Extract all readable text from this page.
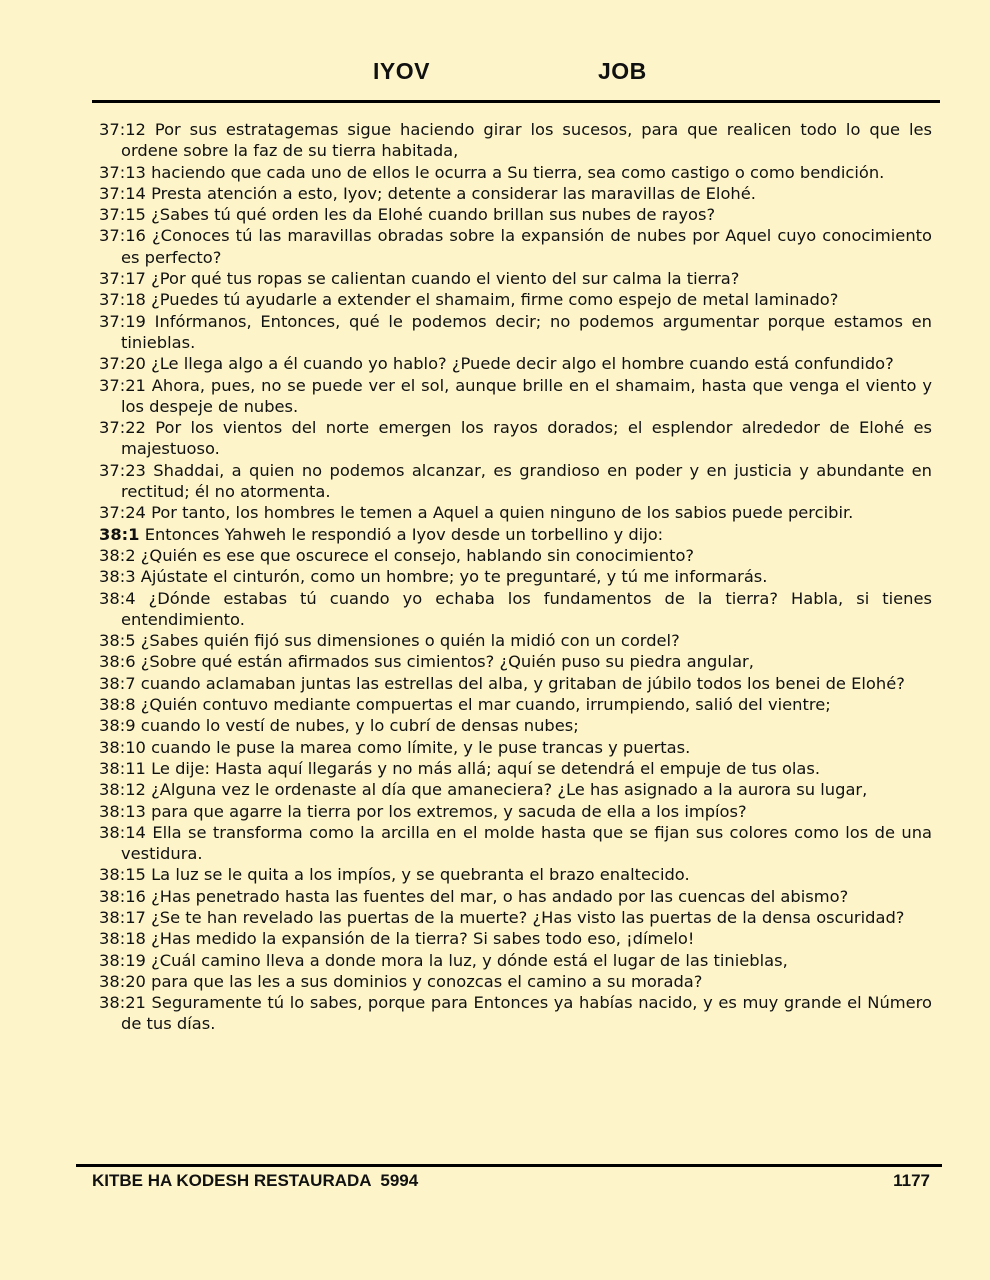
IYOV	JOB

37:12 Por sus estratagemas sigue haciendo girar los sucesos, para que realicen todo lo que les ordene sobre la faz de su tierra habitada,

37:13 haciendo que cada uno de ellos le ocurra a Su tierra, sea como castigo o como bendición.

37:14 Presta atención a esto, Iyov; detente a considerar las maravillas de Elohé.

37:15 ¿Sabes tú qué orden les da Elohé cuando brillan sus nubes de rayos?

37:16 ¿Conoces tú las maravillas obradas sobre la expansión de nubes por Aquel cuyo conocimiento es perfecto?

37:17 ¿Por qué tus ropas se calientan cuando el viento del sur calma la tierra?

37:18 ¿Puedes tú ayudarle a extender el shamaim, firme como espejo de metal laminado?

37:19 Infórmanos, Entonces, qué le podemos decir; no podemos argumentar porque estamos en tinieblas.

37:20 ¿Le llega algo a él cuando yo hablo? ¿Puede decir algo el hombre cuando está confundido?

37:21 Ahora, pues, no se puede ver el sol, aunque brille en el shamaim, hasta que venga el viento y los despeje de nubes.

37:22 Por los vientos del norte emergen los rayos dorados; el esplendor alrededor de Elohé es majestuoso.

37:23 Shaddai, a quien no podemos alcanzar, es grandioso en poder y en justicia y abundante en rectitud; él no atormenta.

37:24 Por tanto, los hombres le temen a Aquel a quien ninguno de los sabios puede percibir.

38:1 Entonces Yahweh le respondió a Iyov desde un torbellino y dijo:

38:2 ¿Quién es ese que oscurece el consejo, hablando sin conocimiento?

38:3 Ajústate el cinturón, como un hombre; yo te preguntaré, y tú me informarás.

38:4 ¿Dónde estabas tú cuando yo echaba los fundamentos de la tierra? Habla, si tienes entendimiento.

38:5 ¿Sabes quién fijó sus dimensiones o quién la midió con un cordel?

38:6 ¿Sobre qué están afirmados sus cimientos? ¿Quién puso su piedra angular,

38:7 cuando aclamaban juntas las estrellas del alba, y gritaban de júbilo todos los benei de Elohé?

38:8 ¿Quién contuvo mediante compuertas el mar cuando, irrumpiendo, salió del vientre;

38:9 cuando lo vestí de nubes, y lo cubrí de densas nubes;

38:10 cuando le puse la marea como límite, y le puse trancas y puertas.

38:11 Le dije: Hasta aquí llegarás y no más allá; aquí se detendrá el empuje de tus olas.

38:12 ¿Alguna vez le ordenaste al día que amaneciera? ¿Le has asignado a la aurora su lugar,

38:13 para que agarre la tierra por los extremos, y sacuda de ella a los impíos?

38:14 Ella se transforma como la arcilla en el molde hasta que se fijan sus colores como los de una vestidura.

38:15 La luz se le quita a los impíos, y se quebranta el brazo enaltecido.

38:16 ¿Has penetrado hasta las fuentes del mar, o has andado por las cuencas del abismo?

38:17 ¿Se te han revelado las puertas de la muerte? ¿Has visto las puertas de la densa oscuridad?

38:18 ¿Has medido la expansión de la tierra? Si sabes todo eso, ¡dímelo!

38:19 ¿Cuál camino lleva a donde mora la luz, y dónde está el lugar de las tinieblas,

38:20 para que las les a sus dominios y conozcas el camino a su morada?

38:21 Seguramente tú lo sabes, porque para Entonces ya habías nacido, y es muy grande el Número de tus días.

KITBE HA KODESH RESTAURADA  5994	1177
